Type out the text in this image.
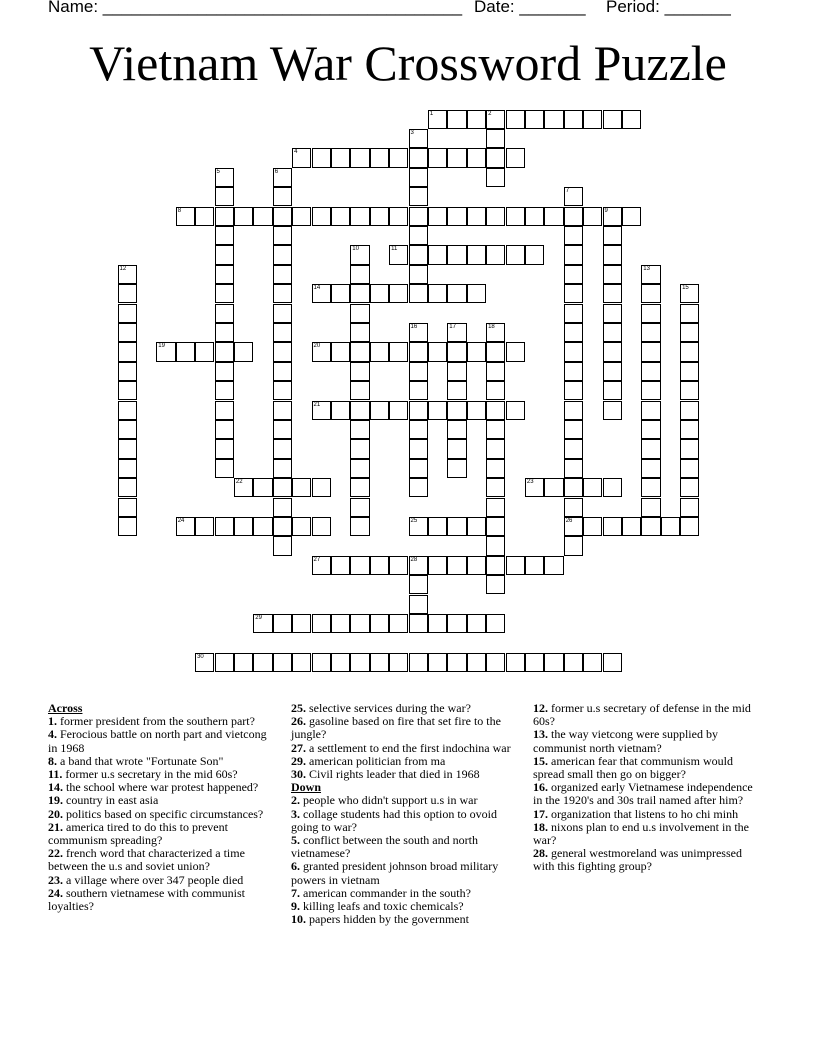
Name: ______________________________________ Date: _______ Period: _______
Vietnam War Crossword Puzzle
1	2
3
4
5	6
7
26
8	9
10	11
12	13
14	15
16	17	18
19	20
21
22	23
24	25
27	28
29
30
Across
1. former president from the southern part?
4. Ferocious battle on north part and vietcong in 1968
8. a band that wrote "Fortunate Son"
11. former u.s secretary in the mid 60s?
14. the school where war protest happened?
19. country in east asia
20. politics based on specific circumstances?
21. america tired to do this to prevent communism spreading?
22. french word that characterized a time between the u.s and soviet union?
23. a village where over 347 people died
24. southern vietnamese with communist loyalties?
25. selective services during the war?
26. gasoline based on fire that set fire to the jungle?
27. a settlement to end the first indochina war
29. american politician from ma
30. Civil rights leader that died in 1968
Down
2. people who didn't support u.s in war
3. collage students had this option to ovoid going to war?
5. conflict between the south and north vietnamese?
6. granted president johnson broad military powers in vietnam
7. american commander in the south?
9. killing leafs and toxic chemicals?
10. papers hidden by the government
12. former u.s secretary of defense in the mid 60s?
13. the way vietcong were supplied by communist north vietnam?
15. american fear that communism would spread small then go on bigger?
16. organized early Vietnamese independence in the 1920's and 30s trail named after him?
17. organization that listens to ho chi minh
18. nixons plan to end u.s involvement in the war?
28. general westmoreland was unimpressed with this fighting group?
